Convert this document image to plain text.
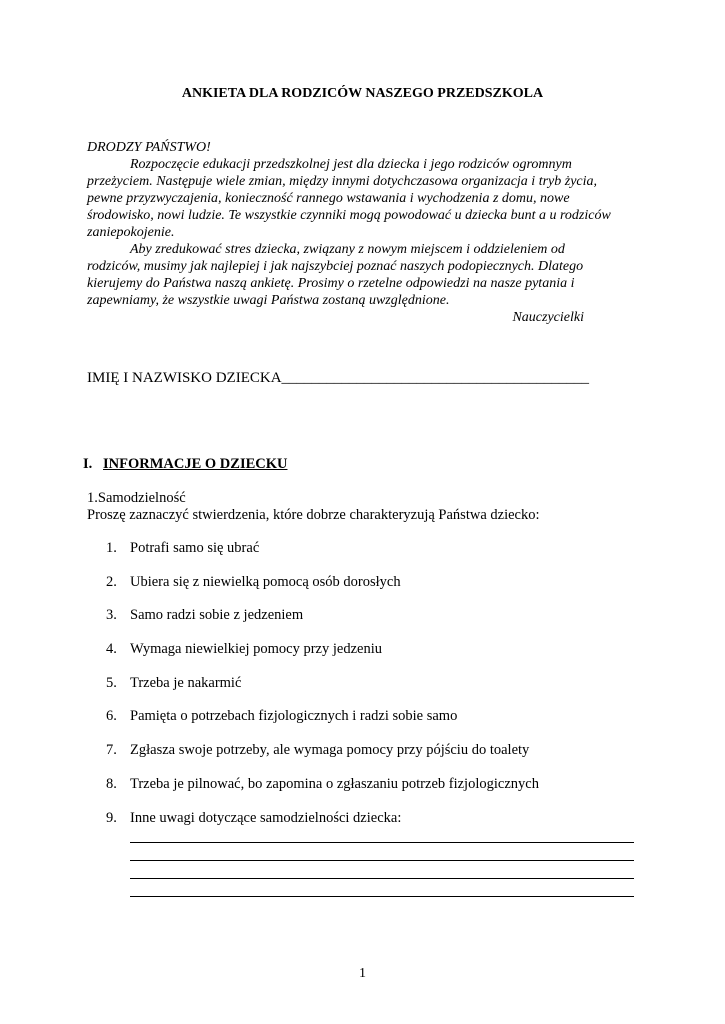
ANKIETA DLA RODZICÓW NASZEGO PRZEDSZKOLA

DRODZY PAŃSTWO!

Rozpoczęcie edukacji przedszkolnej jest dla dziecka i jego rodziców ogromnym

przeżyciem. Następuje wiele zmian, między innymi dotychczasowa organizacja i tryb życia,

pewne przyzwyczajenia, konieczność rannego wstawania i wychodzenia z domu, nowe

środowisko, nowi ludzie. Te wszystkie czynniki mogą powodować u dziecka bunt a u rodziców

zaniepokojenie.

Aby zredukować stres dziecka, związany z nowym miejscem i oddzieleniem od

rodziców, musimy jak najlepiej i jak najszybciej poznać naszych podopiecznych. Dlatego

kierujemy do Państwa naszą ankietę. Prosimy o rzetelne odpowiedzi na nasze pytania i

zapewniamy, że wszystkie uwagi Państwa zostaną uwzględnione.

Nauczycielki

IMIĘ I NAZWISKO DZIECKA_________________________________________
I. INFORMACJE O DZIECKU
1.Samodzielność
Proszę zaznaczyć stwierdzenia, które dobrze charakteryzują Państwa dziecko:
1. Potrafi samo się ubrać
2. Ubiera się z niewielką pomocą osób dorosłych
3. Samo radzi sobie z jedzeniem
4. Wymaga niewielkiej pomocy przy jedzeniu
5. Trzeba je nakarmić
6. Pamięta o potrzebach fizjologicznych i radzi sobie samo
7. Zgłasza swoje potrzeby, ale wymaga pomocy przy pójściu do toalety
8. Trzeba je pilnować, bo zapomina o zgłaszaniu potrzeb fizjologicznych
9. Inne uwagi dotyczące samodzielności dziecka:
1
